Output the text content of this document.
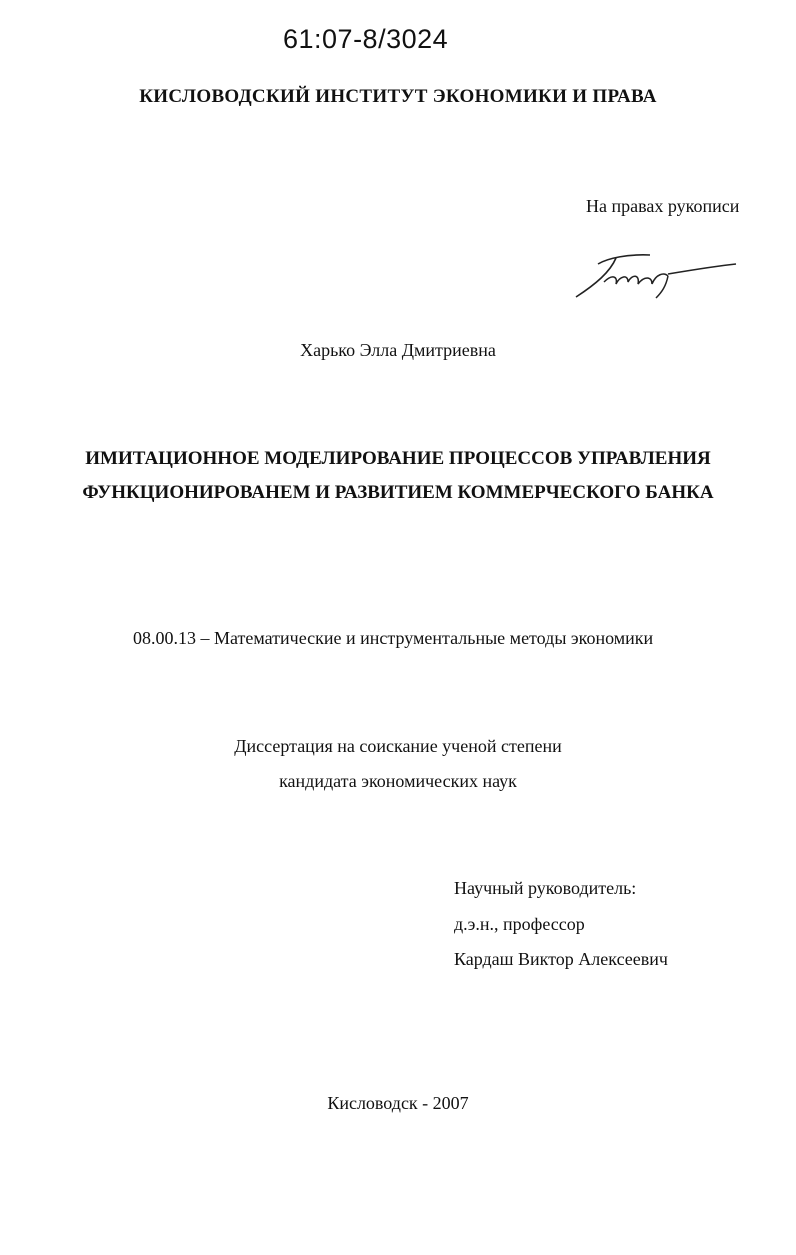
61:07-8/3024
КИСЛОВОДСКИЙ ИНСТИТУТ ЭКОНОМИКИ И ПРАВА
На правах рукописи
Харько Элла Дмитриевна
ИМИТАЦИОННОЕ МОДЕЛИРОВАНИЕ ПРОЦЕССОВ УПРАВЛЕНИЯ
ФУНКЦИОНИРОВАНЕМ И РАЗВИТИЕМ КОММЕРЧЕСКОГО БАНКА
08.00.13 – Математические и инструментальные методы экономики
Диссертация на соискание ученой степени
кандидата экономических наук
Научный руководитель:
д.э.н., профессор
Кардаш Виктор Алексеевич
Кисловодск - 2007
